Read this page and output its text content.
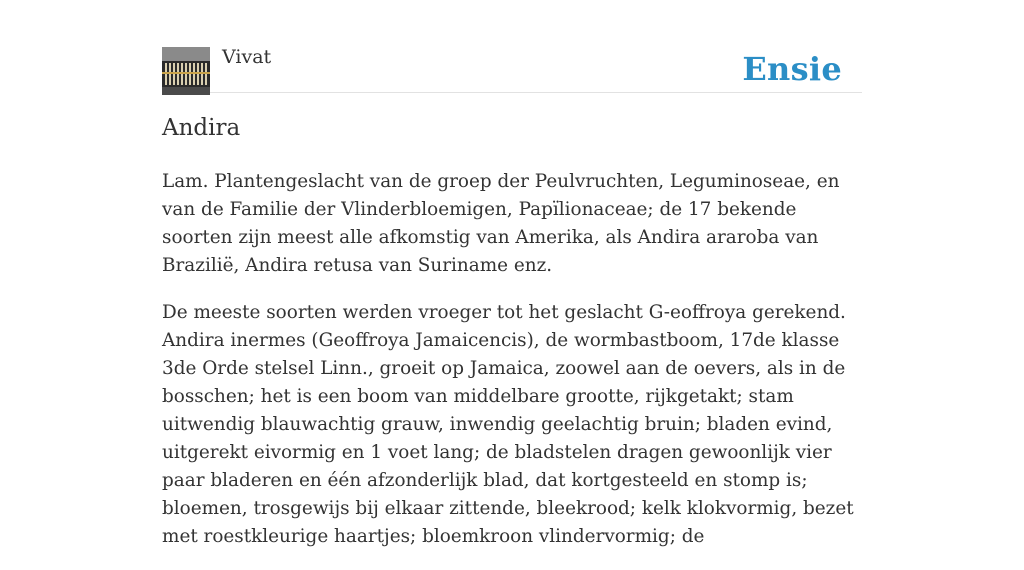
Vivat	Ensie
Andira

Lam. Plantengeslacht van de groep der Peulvruchten, Leguminoseae, en van de Familie der Vlinderbloemigen, Papïlionaceae; de 17 bekende soorten zijn meest alle afkomstig van Amerika, als Andira araroba van Brazilië, Andira retusa van Suriname enz.

De meeste soorten werden vroeger tot het geslacht G-eoffroya gerekend. Andira inermes (Geoffroya Jamaicencis), de wormbastboom, 17de klasse 3de Orde stelsel Linn., groeit op Jamaica, zoowel aan de oevers, als in de bosschen; het is een boom van middelbare grootte, rijkgetakt; stam uitwendig blauwachtig grauw, inwendig geelachtig bruin; bladen evind, uitgerekt eivormig en 1 voet lang; de bladstelen dragen gewoonlijk vier paar bladeren en één afzonderlijk blad, dat kortgesteeld en stomp is; bloemen, trosgewijs bij elkaar zittende, bleekrood; kelk klokvormig, bezet met roestkleurige haartjes; bloemkroon vlindervormig; de
